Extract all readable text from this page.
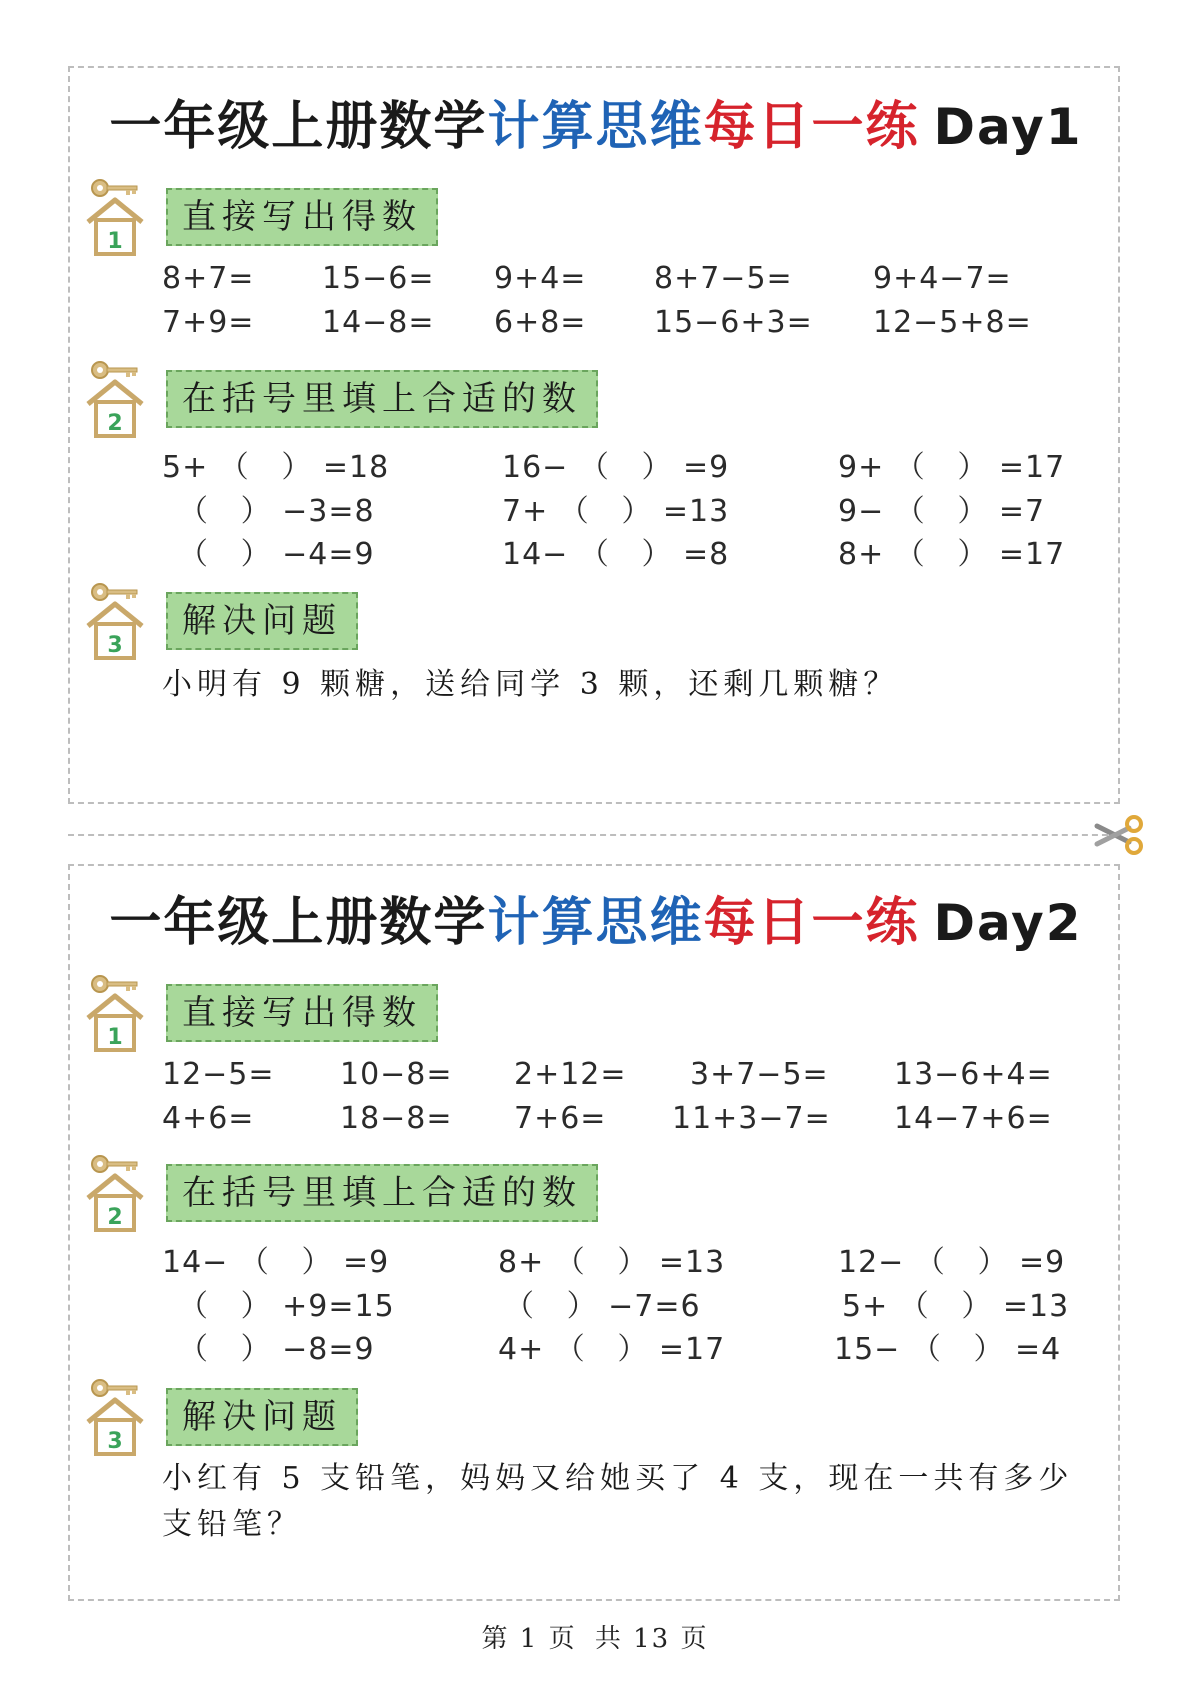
一年级上册数学计算思维每日一练 Day1
1
直接写出得数
8+7= 15−6= 9+4= 8+7−5=	9+4−7=
7+9= 14−8= 6+8= 15−6+3= 12−5+8=
2
在括号里填上合适的数
5+ （   ） =18	16− （   ） =9	9+ （   ） =17
（   ） −3=8	7+ （   ） =13	9− （   ） =7
（   ） −4=9	14− （   ） =8	8+ （   ） =17
3
解决问题
小明有 9 颗糖，送给同学 3 颗，还剩几颗糖？
一年级上册数学计算思维每日一练 Day2
1
直接写出得数
12−5= 10−8= 2+12= 3+7−5= 13−6+4=
4+6=	18−8= 7+6= 11+3−7= 14−7+6=
2
在括号里填上合适的数
14− （   ） =9	8+ （   ） =13	12− （   ） =9
（   ） +9=15	（   ） −7=6	5+ （   ） =13
（   ） −8=9	4+ （   ） =17	15− （   ） =4
3
解决问题
小红有 5 支铅笔，妈妈又给她买了 4 支，现在一共有多少支铅笔？
第 1 页 共 13 页
